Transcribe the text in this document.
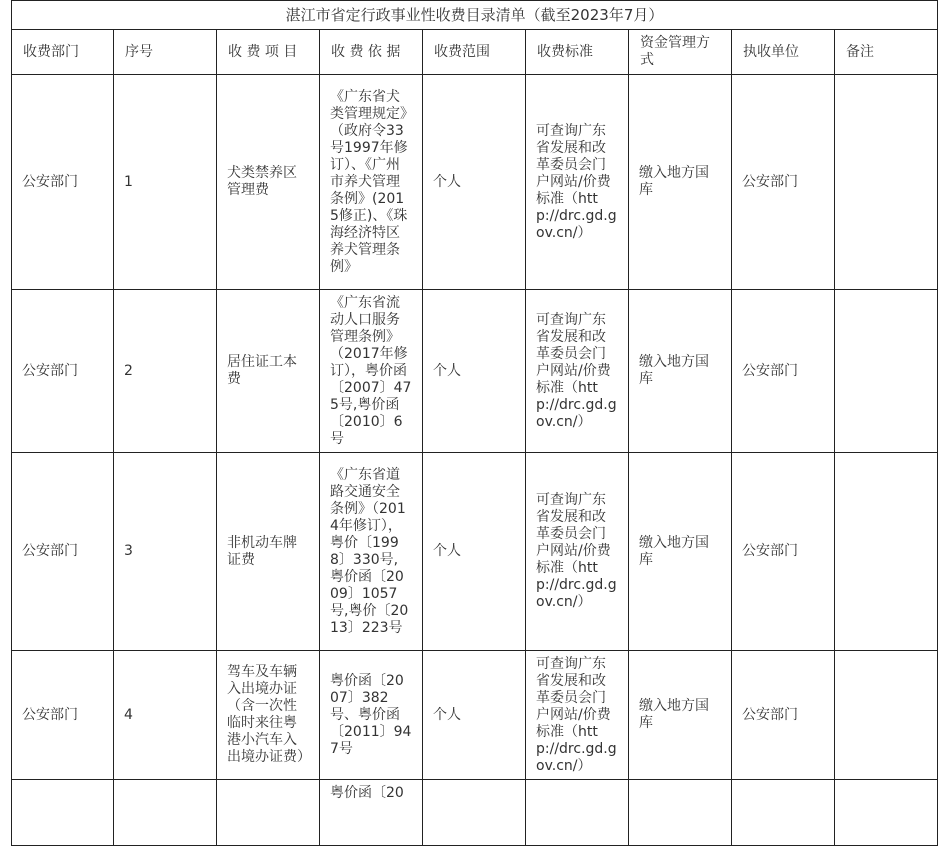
湛江市省定行政事业性收费目录清单（截至2023年7月）								
收费部门	序号	收 费 项 目	收 费 依 据	收费范围	收费标准	资金管理方式	执收单位	备注
公安部门	1	犬类禁养区管理费	《广东省犬类管理规定》（政府令33号1997年修订）、《广州市养犬管理条例》(2015修正)、《珠海经济特区养犬管理条例》	个人	可查询广东省发展和改革委员会门户网站/价费标准（http://drc.gd.gov.cn/）	缴入地方国库	公安部门	
公安部门	2	居住证工本费	《广东省流动人口服务管理条例》（2017年修订），粤价函〔2007〕475号,粤价函〔2010〕6号	个人	可查询广东省发展和改革委员会门户网站/价费标准（http://drc.gd.gov.cn/）	缴入地方国库	公安部门	
公安部门	3	非机动车牌证费	《广东省道路交通安全条例》（2014年修订），粤价〔1998〕330号,粤价函〔2009〕1057号,粤价〔2013〕223号	个人	可查询广东省发展和改革委员会门户网站/价费标准（http://drc.gd.gov.cn/）	缴入地方国库	公安部门	
公安部门	4	驾车及车辆入出境办证（含一次性临时来往粤港小汽车入出境办证费）	粤价函〔2007〕382号、粤价函〔2011〕947号	个人	可查询广东省发展和改革委员会门户网站/价费标准（http://drc.gd.gov.cn/）	缴入地方国库	公安部门	
			粤价函〔20					
